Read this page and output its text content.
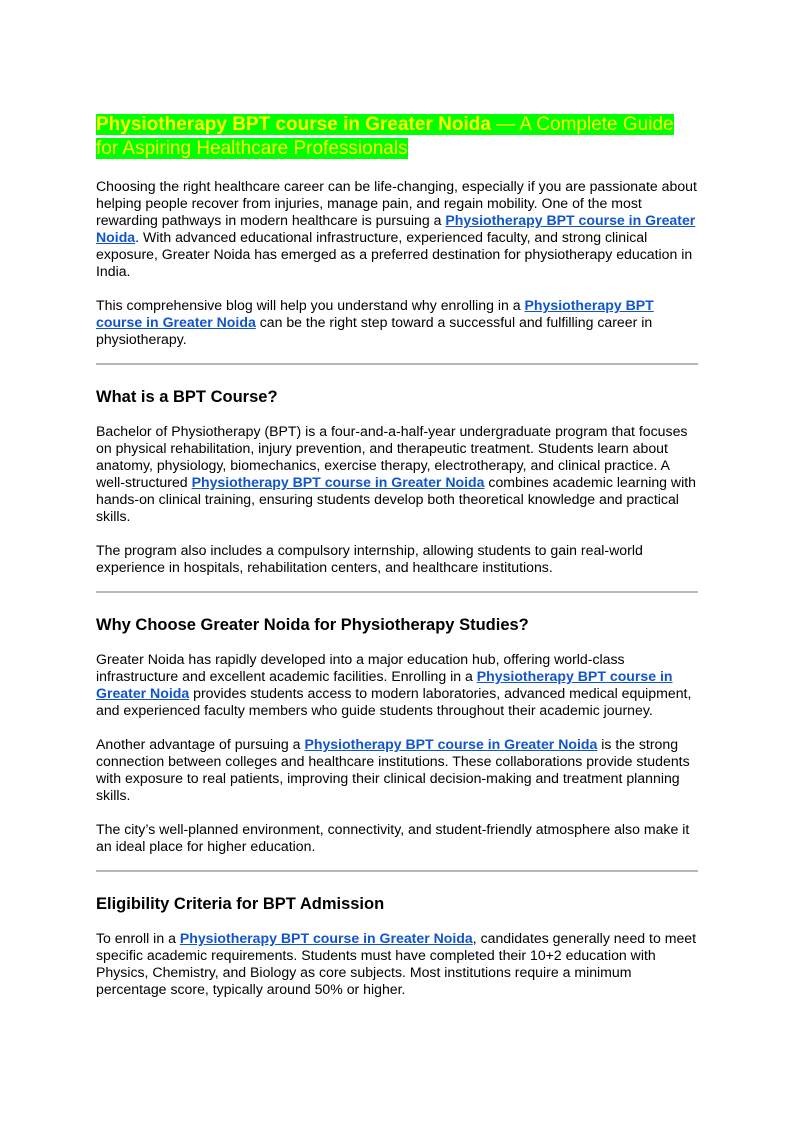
Physiotherapy BPT course in Greater Noida — A Complete Guide for Aspiring Healthcare Professionals

Choosing the right healthcare career can be life-changing, especially if you are passionate about helping people recover from injuries, manage pain, and regain mobility. One of the most rewarding pathways in modern healthcare is pursuing a Physiotherapy BPT course in Greater Noida. With advanced educational infrastructure, experienced faculty, and strong clinical exposure, Greater Noida has emerged as a preferred destination for physiotherapy education in India.

This comprehensive blog will help you understand why enrolling in a Physiotherapy BPT course in Greater Noida can be the right step toward a successful and fulfilling career in physiotherapy.

What is a BPT Course?

Bachelor of Physiotherapy (BPT) is a four-and-a-half-year undergraduate program that focuses on physical rehabilitation, injury prevention, and therapeutic treatment. Students learn about anatomy, physiology, biomechanics, exercise therapy, electrotherapy, and clinical practice. A well-structured Physiotherapy BPT course in Greater Noida combines academic learning with hands-on clinical training, ensuring students develop both theoretical knowledge and practical skills.

The program also includes a compulsory internship, allowing students to gain real-world experience in hospitals, rehabilitation centers, and healthcare institutions.

Why Choose Greater Noida for Physiotherapy Studies?

Greater Noida has rapidly developed into a major education hub, offering world-class infrastructure and excellent academic facilities. Enrolling in a Physiotherapy BPT course in Greater Noida provides students access to modern laboratories, advanced medical equipment, and experienced faculty members who guide students throughout their academic journey.

Another advantage of pursuing a Physiotherapy BPT course in Greater Noida is the strong connection between colleges and healthcare institutions. These collaborations provide students with exposure to real patients, improving their clinical decision-making and treatment planning skills.

The city’s well-planned environment, connectivity, and student-friendly atmosphere also make it an ideal place for higher education.

Eligibility Criteria for BPT Admission

To enroll in a Physiotherapy BPT course in Greater Noida, candidates generally need to meet specific academic requirements. Students must have completed their 10+2 education with Physics, Chemistry, and Biology as core subjects. Most institutions require a minimum percentage score, typically around 50% or higher.
